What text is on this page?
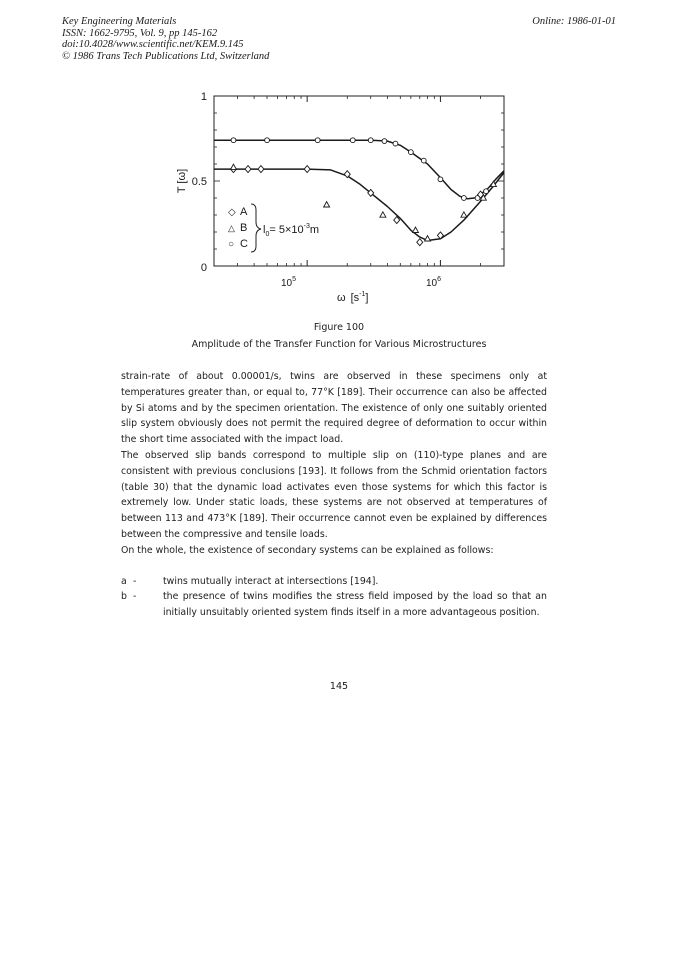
Key Engineering Materials
ISSN: 1662-9795, Vol. 9, pp 145-162
doi:10.4028/www.scientific.net/KEM.9.145
© 1986 Trans Tech Publications Ltd, Switzerland
Online: 1986-01-01
1
0.5
0
T [ω]
$10^5$	$10^6$
ω $[s^{-1}]$
◇ A
△ B
○ C
$l_0= 5\times 10^{-3}m$
Figure 100
Amplitude of the Transfer Function for Various Microstructures

strain-rate of about 0.00001/s, twins are observed in these specimens only at temperatures greater than, or equal to, 77°K [189]. Their occurrence can also be affected by Si atoms and by the specimen orientation. The existence of only one suitably oriented slip system obviously does not permit the required degree of deformation to occur within the short time associated with the impact load.

The observed slip bands correspond to multiple slip on (110)-type planes and are consistent with previous conclusions [193]. It follows from the Schmid orientation factors (table 30) that the dynamic load activates even those systems for which this factor is extremely low. Under static loads, these systems are not observed at temperatures of between 113 and 473°K [189]. Their occurrence cannot even be explained by differences between the compressive and tensile loads.

On the whole, the existence of secondary systems can be explained as follows:

a -	twins mutually interact at intersections [194].
b -	the presence of twins modifies the stress field imposed by the load so that an initially unsuitably oriented system finds itself in a more advantageous position.
145
